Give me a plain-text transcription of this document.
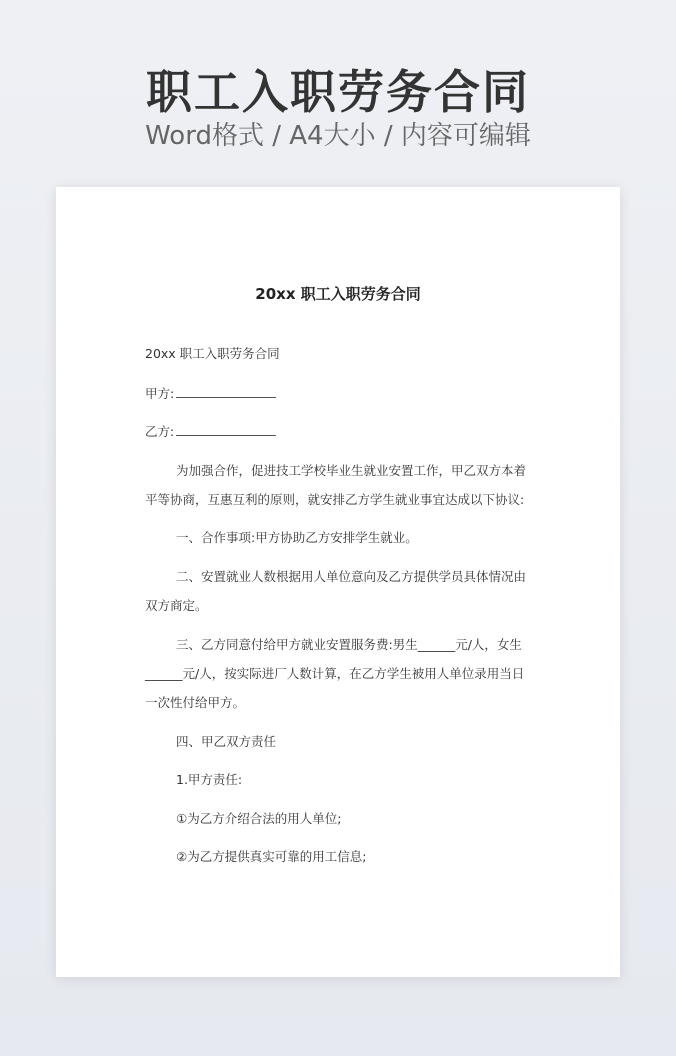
职工入职劳务合同
Word格式 / A4大小 / 内容可编辑
20xx 职工入职劳务合同
20xx 职工入职劳务合同
甲方:
乙方:
为加强合作，促进技工学校毕业生就业安置工作，甲乙双方本着
平等协商，互惠互利的原则，就安排乙方学生就业事宜达成以下协议:
一、合作事项:甲方协助乙方安排学生就业。
二、安置就业人数根据用人单位意向及乙方提供学员具体情况由
双方商定。
三、乙方同意付给甲方就业安置服务费:男生______元/人，女生
______元/人，按实际进厂人数计算，在乙方学生被用人单位录用当日
一次性付给甲方。
四、甲乙双方责任
1.甲方责任:
①为乙方介绍合法的用人单位;
②为乙方提供真实可靠的用工信息;
